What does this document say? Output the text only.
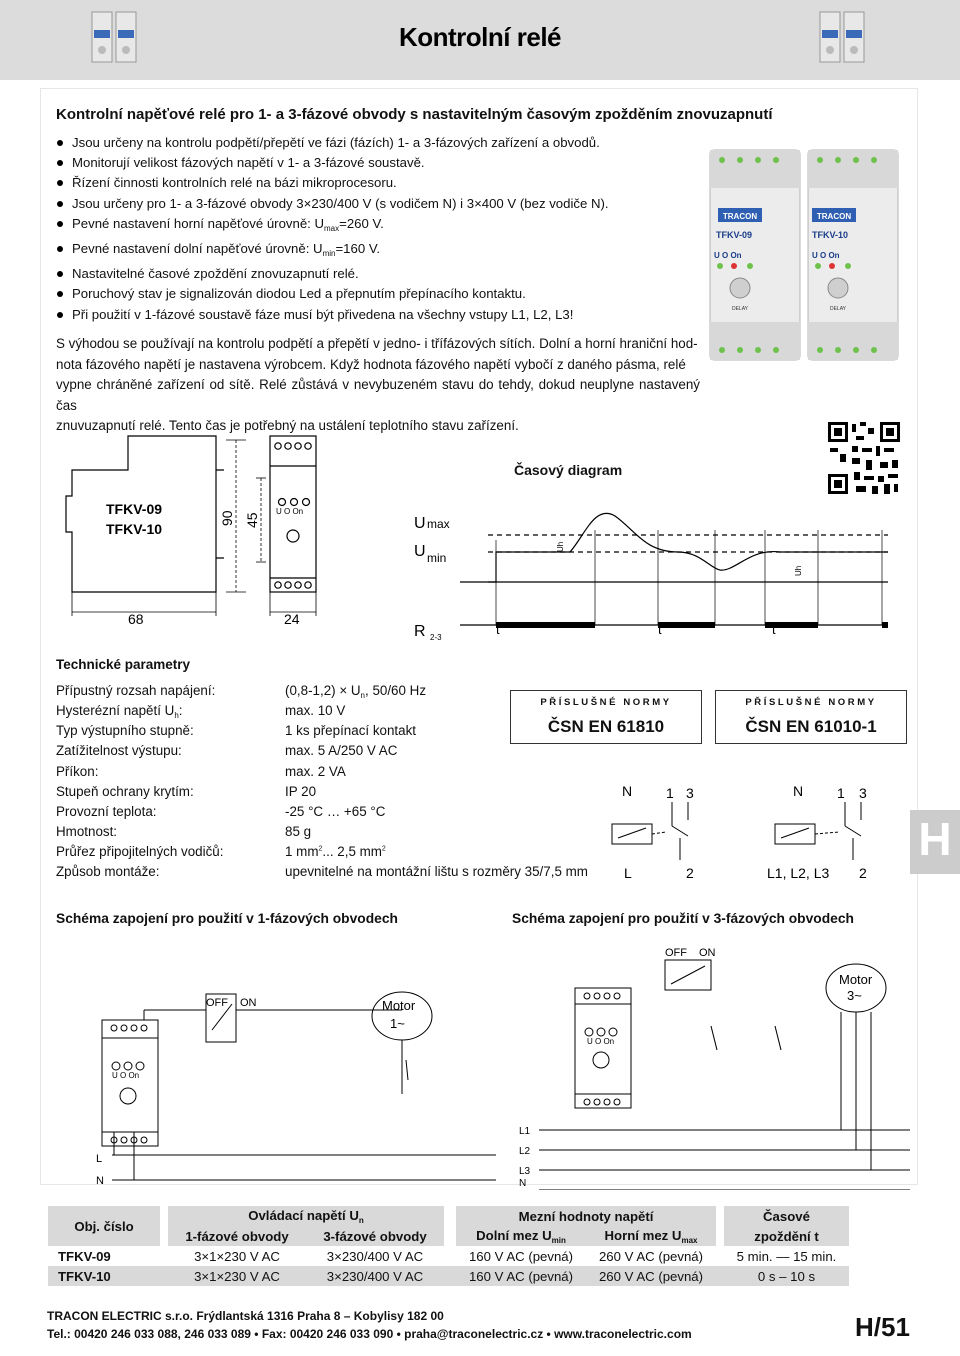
Kontrolní relé
Kontrolní napěťové relé pro 1- a 3-fázové obvody s nastavitelným časovým zpožděním znovuzapnutí
Jsou určeny na kontrolu podpětí/přepětí ve fázi (fázích) 1- a 3-fázových zařízení a obvodů.
Monitorují velikost fázových napětí v 1- a 3-fázové soustavě.
Řízení činnosti kontrolních relé na bázi mikroprocesoru.
Jsou určeny pro 1- a 3-fázové obvody 3×230/400 V (s vodičem N) i 3×400 V (bez vodiče N).
Pevné nastavení horní napěťové úrovně: $U_{max}=260$ V.
Pevné nastavení dolní napěťové úrovně: $U_{min}=160$ V.
Nastavitelné časové zpoždění znovuzapnutí relé.
Poruchový stav je signalizován diodou Led a přepnutím přepínacího kontaktu.
Při použití v 1-fázové soustavě fáze musí být přivedena na všechny vstupy L1, L2, L3!
TRACON
TFKV-09
U O On
DELAY
TRACON
TFKV-10
U O On
DELAY

S výhodou se používají na kontrolu podpětí a přepětí v jedno- i třífázových sítích. Dolní a horní hraniční hod-

nota fázového napětí je nastavena výrobcem. Když hodnota fázového napětí vybočí z daného pásma, relé

vypne chráněné zařízení od sítě. Relé zůstává v nevybuzeném stavu do tehdy, dokud neuplyne nastavený čas

znuvuzapnutí relé. Tento čas je potřebný na ustálení teplotního stavu zařízení.

TFKV-09
TFKV-10
U O On
90 45
68	24
Časový diagram
U max
U min
R 2-3
Uh
Uh
t	t	t
Technické parametry
Přípustný rozsah napájení:	$(0,8-1,2) \times U_n$, 50/60 Hz
Hysterézní napětí $U_h$:	max. 10 V
Typ výstupního stupně:	1 ks přepínací kontakt
Zatížitelnost výstupu:	max. 5 A/250 V AC
Příkon:	max. 2 VA
Stupeň ochrany krytím:	IP 20
Provozní teplota:	-25 °C … +65 °C
Hmotnost:	85 g
Průřez připojitelných vodičů:	1 $mm^2$... 2,5 $mm^2$
Způsob montáže:	upevnitelné na montážní lištu s rozměry 35/7,5 mm
PŘÍSLUŠNÉ NORMY
ČSN EN 61810
PŘÍSLUŠNÉ NORMY
ČSN EN 61010-1
N 1 3
L	2
N 1 3
L1, L2, L3 2
H
Schéma zapojení pro použití v 1-fázových obvodech	Schéma zapojení pro použití v 3-fázových obvodech
OFF ON	Motor
1~
U O On
L
N
OFF ON
Motor
3~
U O On
L1
L2
L3
N
Obj. číslo		Ovládací napětí $U_n$			Mezní hodnoty napětí			Časové
		1-fázové obvody	3-fázové obvody		Dolní mez $U_{min}$	Horní mez $U_{max}$		zpoždění t
TFKV-09		3×1×230 V AC	3×230/400 V AC		160 V AC (pevná)	260 V AC (pevná)		5 min. — 15 min.
TFKV-10		3×1×230 V AC	3×230/400 V AC		160 V AC (pevná)	260 V AC (pevná)		0 s – 10 s
TRACON ELECTRIC s.r.o. Frýdlantská 1316 Praha 8 – Kobylisy 182 00
Tel.: 00420 246 033 088, 246 033 089 • Fax: 00420 246 033 090 • praha@traconelectric.cz • www.traconelectric.com	H/51
